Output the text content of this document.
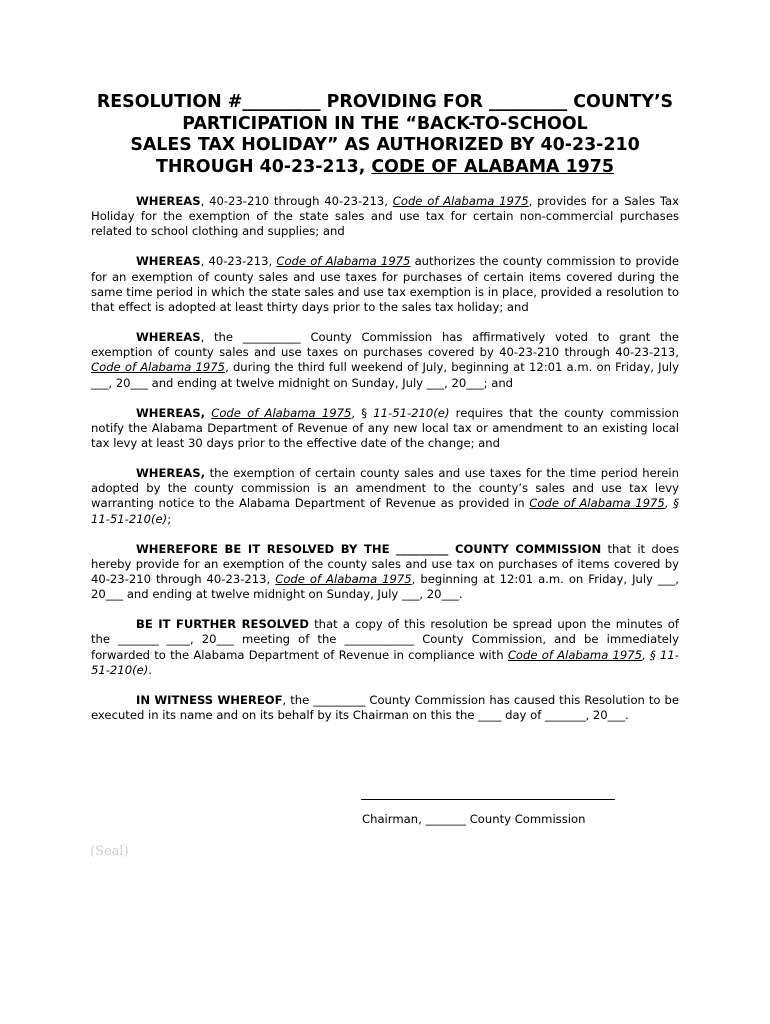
RESOLUTION #_________ PROVIDING FOR _________ COUNTY’S
PARTICIPATION IN THE “BACK-TO-SCHOOL
SALES TAX HOLIDAY” AS AUTHORIZED BY 40-23-210
THROUGH 40-23-213, CODE OF ALABAMA 1975

WHEREAS, 40-23-210 through 40-23-213, Code of Alabama 1975, provides for a Sales Tax Holiday for the exemption of the state sales and use tax for certain non-commercial purchases related to school clothing and supplies; and

WHEREAS, 40-23-213, Code of Alabama 1975 authorizes the county commission to provide for an exemption of county sales and use taxes for purchases of certain items covered during the same time period in which the state sales and use tax exemption is in place, provided a resolution to that effect is adopted at least thirty days prior to the sales tax holiday; and

WHEREAS, the __________ County Commission has affirmatively voted to grant the exemption of county sales and use taxes on purchases covered by 40-23-210 through 40-23-213, Code of Alabama 1975, during the third full weekend of July, beginning at 12:01 a.m. on Friday, July ___, 20___ and ending at twelve midnight on Sunday, July ___, 20___; and

WHEREAS, Code of Alabama 1975, § 11-51-210(e) requires that the county commission notify the Alabama Department of Revenue of any new local tax or amendment to an existing local tax levy at least 30 days prior to the effective date of the change; and

WHEREAS, the exemption of certain county sales and use taxes for the time period herein adopted by the county commission is an amendment to the county’s sales and use tax levy warranting notice to the Alabama Department of Revenue as provided in Code of Alabama 1975, § 11-51-210(e);

WHEREFORE BE IT RESOLVED BY THE _________ COUNTY COMMISSION that it does hereby provide for an exemption of the county sales and use tax on purchases of items covered by 40-23-210 through 40-23-213, Code of Alabama 1975, beginning at 12:01 a.m. on Friday, July ___, 20___ and ending at twelve midnight on Sunday, July ___, 20___.

BE IT FURTHER RESOLVED that a copy of this resolution be spread upon the minutes of the _______ ____, 20___ meeting of the ____________ County Commission, and be immediately forwarded to the Alabama Department of Revenue in compliance with Code of Alabama 1975, § 11-51-210(e).

IN WITNESS WHEREOF, the _________ County Commission has caused this Resolution to be executed in its name and on its behalf by its Chairman on this the ____ day of _______, 20___.

Chairman, _______ County Commission
(Seal)
